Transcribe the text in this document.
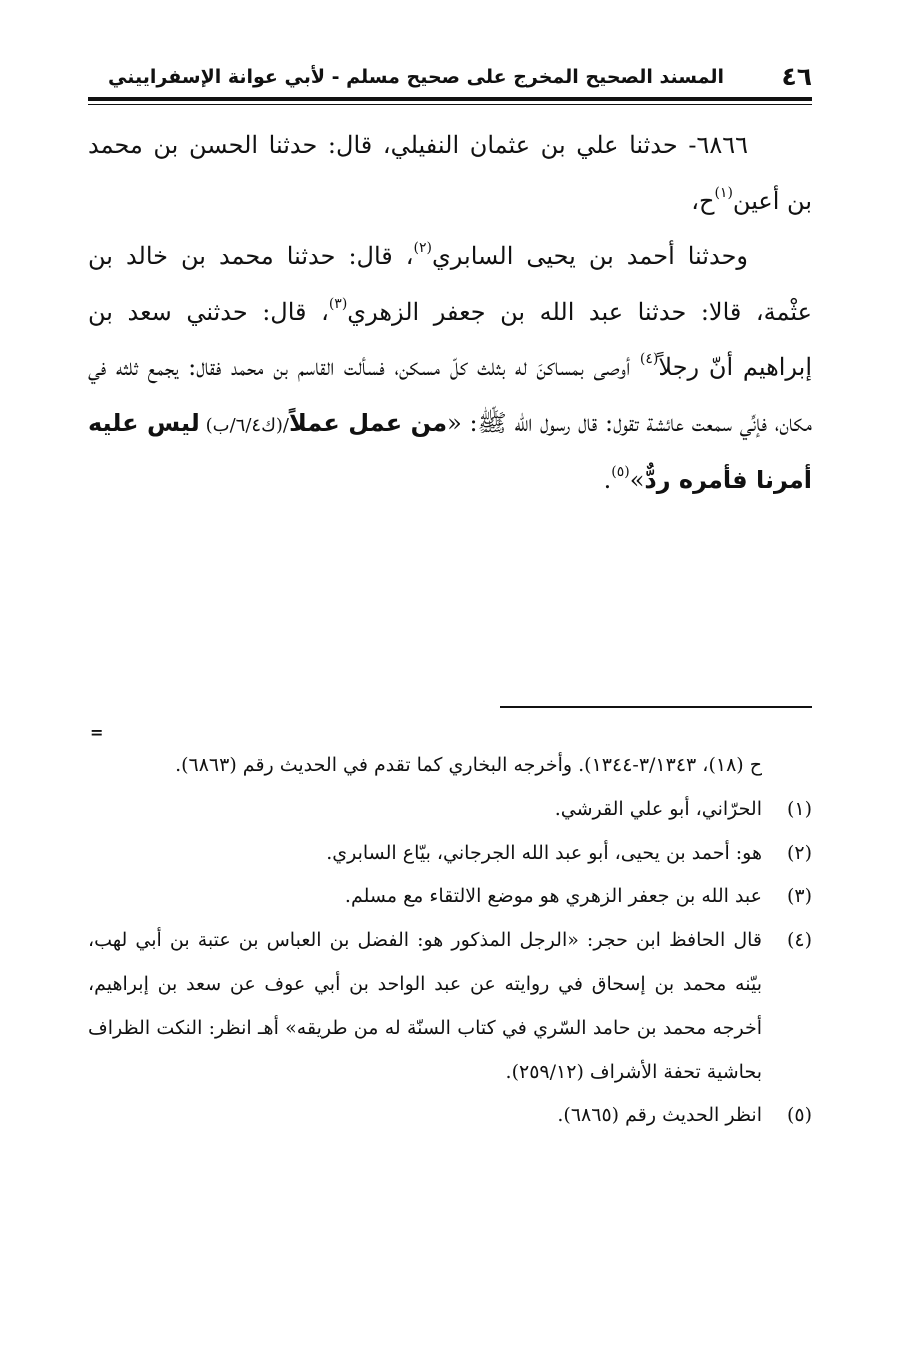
٤٦
المسند الصحيح المخرج على صحيح مسلم - لأبي عوانة الإسفراييني

٦٨٦٦- حدثنا علي بن عثمان النفيلي، قال: حدثنا الحسن بن محمد بن أعين$^{(١)}$ح،

وحدثنا أحمد بن يحيى السابري$^{(٢)}$، قال: حدثنا محمد بن خالد بن عثْمة، قالا: حدثنا عبد الله بن جعفر الزهري$^{(٣)}$، قال: حدثني سعد بن إبراهيم أنّ رجلاً$^{(٤)}$ أوصى بمساكنَ له بثلث كلّ مسكن، فسألت القاسم بن محمد فقال: يجمع ثلثه في مكان، فإنِّي سمعت عائشة تقول: قال رسول الله ﷺ: «من عمل عملاً/(ك٦/٤/ب) ليس عليه أمرنا فأمره ردٌّ»$^{(٥)}$.

=

ح (١٨)، ٣/١٣٤٣-١٣٤٤). وأخرجه البخاري كما تقدم في الحديث رقم (٦٨٦٣).

(١)الحرّاني، أبو علي القرشي.

(٢)هو: أحمد بن يحيى، أبو عبد الله الجرجاني، بيّاع السابري.

(٣)عبد الله بن جعفر الزهري هو موضع الالتقاء مع مسلم.

(٤)قال الحافظ ابن حجر: «الرجل المذكور هو: الفضل بن العباس بن عتبة بن أبي لهب، بيّنه محمد بن إسحاق في روايته عن عبد الواحد بن أبي عوف عن سعد بن إبراهيم، أخرجه محمد بن حامد السّري في كتاب السنّة له من طريقه» أهـ انظر: النكت الظراف بحاشية تحفة الأشراف (٢٥٩/١٢).

(٥)انظر الحديث رقم (٦٨٦٥).
